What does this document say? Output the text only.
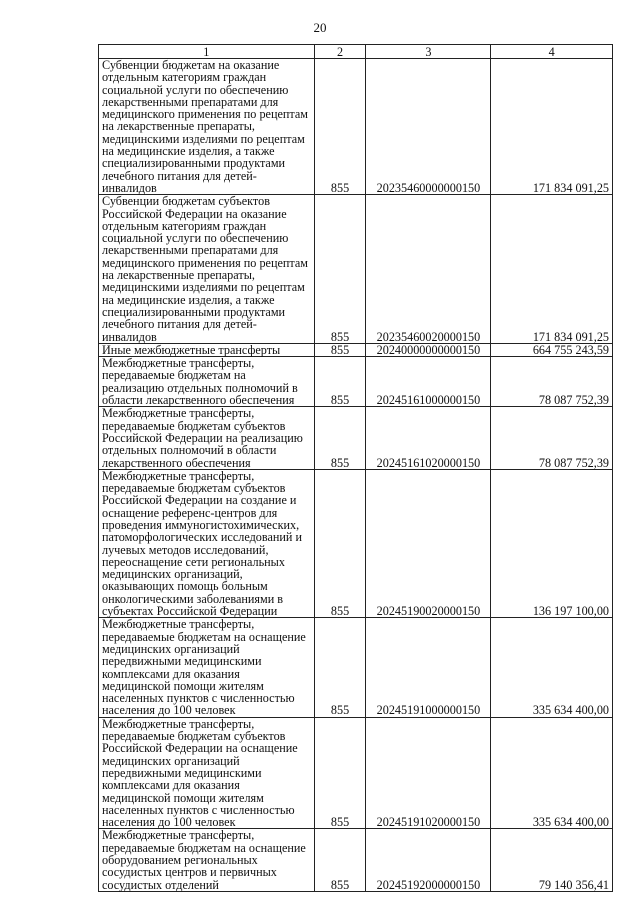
20
1	2	3	4

Субвенции бюджетам на оказание отдельным категориям граждан социальной услуги по обеспечению лекарственными препаратами для медицинского применения по рецептам на лекарственные препараты, медицинскими изделиями по рецептам на медицинские изделия, а также специализированными продуктами лечебного питания для детей-инвалидов	855	20235460000000150	171 834 091,25

Субвенции бюджетам субъектов Российской Федерации на оказание отдельным категориям граждан социальной услуги по обеспечению лекарственными препаратами для медицинского применения по рецептам на лекарственные препараты, медицинскими изделиями по рецептам на медицинские изделия, а также специализированными продуктами лечебного питания для детей-инвалидов	855	20235460020000150	171 834 091,25

Иные межбюджетные трансферты	855	20240000000000150	664 755 243,59

Межбюджетные трансферты, передаваемые бюджетам на реализацию отдельных полномочий в области лекарственного обеспечения	855	20245161000000150	78 087 752,39

Межбюджетные трансферты, передаваемые бюджетам субъектов Российской Федерации на реализацию отдельных полномочий в области лекарственного обеспечения	855	20245161020000150	78 087 752,39

Межбюджетные трансферты, передаваемые бюджетам субъектов Российской Федерации на создание и оснащение референс-центров для проведения иммуногистохимических, патоморфологических исследований и лучевых методов исследований, переоснащение сети региональных медицинских организаций, оказывающих помощь больным онкологическими заболеваниями в субъектах Российской Федерации	855	20245190020000150	136 197 100,00

Межбюджетные трансферты, передаваемые бюджетам на оснащение медицинских организаций передвижными медицинскими комплексами для оказания медицинской помощи жителям населенных пунктов с численностью населения до 100 человек	855	20245191000000150	335 634 400,00

Межбюджетные трансферты, передаваемые бюджетам субъектов Российской Федерации на оснащение медицинских организаций передвижными медицинскими комплексами для оказания медицинской помощи жителям населенных пунктов с численностью населения до 100 человек	855	20245191020000150	335 634 400,00

Межбюджетные трансферты, передаваемые бюджетам на оснащение оборудованием региональных сосудистых центров и первичных сосудистых отделений	855	20245192000000150	79 140 356,41
